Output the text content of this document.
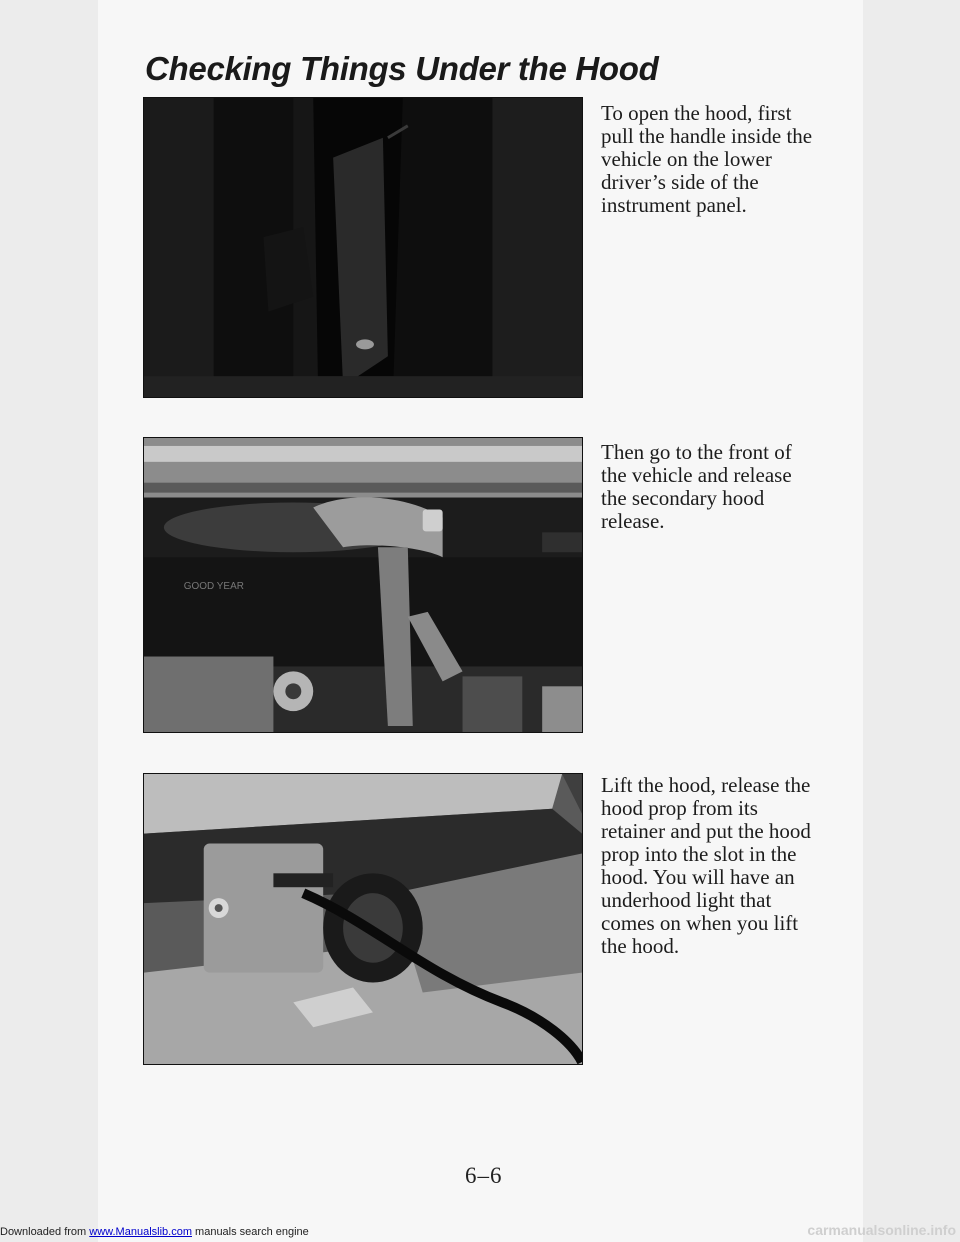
Checking Things Under the Hood
GOOD YEAR
To open the hood, first pull the handle inside the vehicle on the lower driver’s side of the instrument panel.
Then go to the front of the vehicle and release the secondary hood release.
Lift the hood, release the hood prop from its retainer and put the hood prop into the slot in the hood. You will have an underhood light that comes on when you lift the hood.
6–6
Downloaded from www.Manualslib.com manuals search engine	carmanualsonline.info
